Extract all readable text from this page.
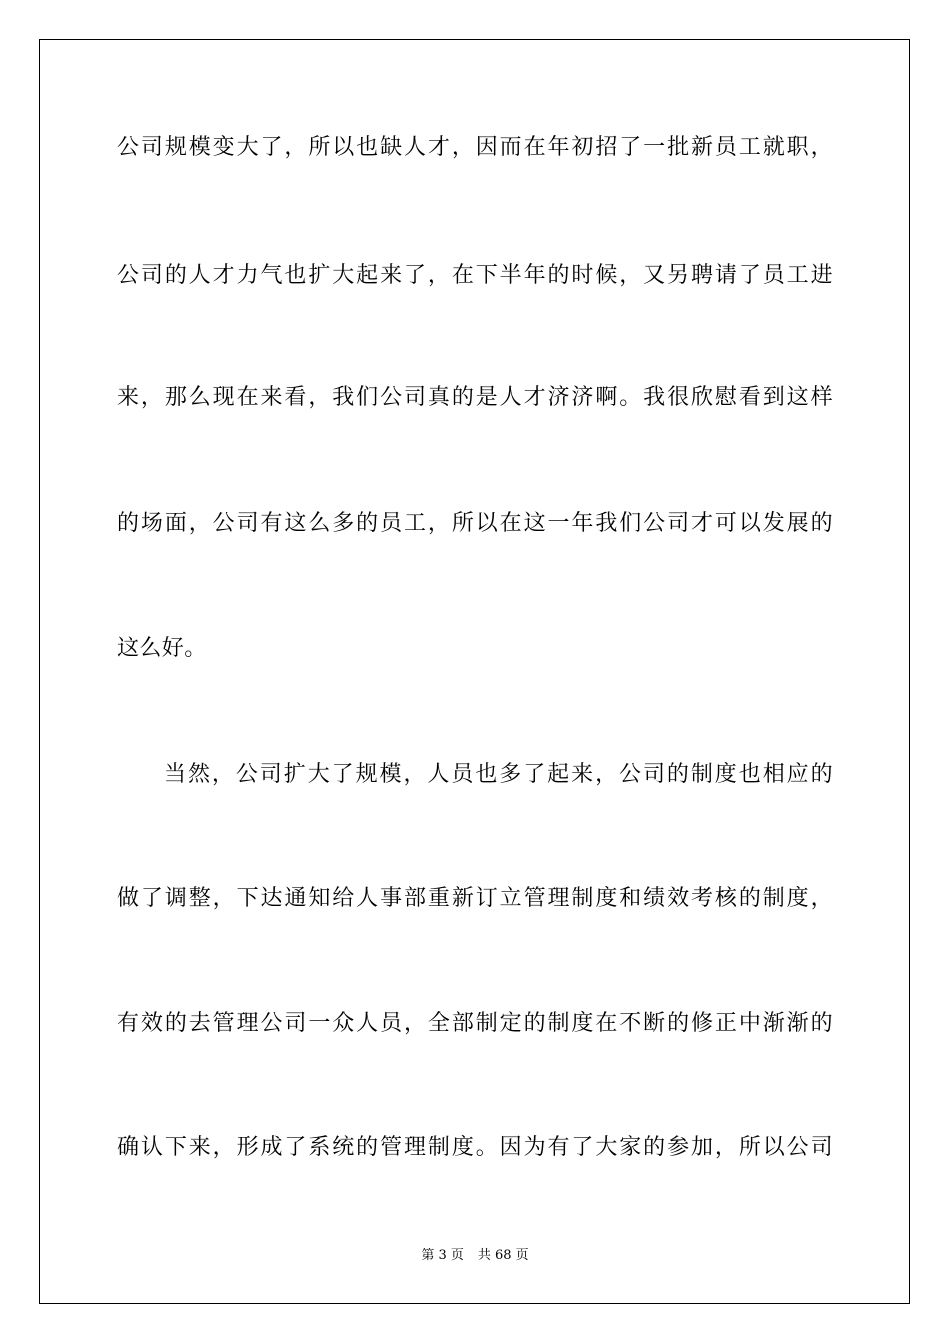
公司规模变大了，所以也缺人才，因而在年初招了一批新员工就职，
公司的人才力气也扩大起来了，在下半年的时候，又另聘请了员工进
来，那么现在来看，我们公司真的是人才济济啊。我很欣慰看到这样
的场面，公司有这么多的员工，所以在这一年我们公司才可以发展的
这么好。
当然，公司扩大了规模，人员也多了起来，公司的制度也相应的
做了调整，下达通知给人事部重新订立管理制度和绩效考核的制度，
有效的去管理公司一众人员，全部制定的制度在不断的修正中渐渐的
确认下来，形成了系统的管理制度。因为有了大家的参加，所以公司
第 3 页 共 68 页
